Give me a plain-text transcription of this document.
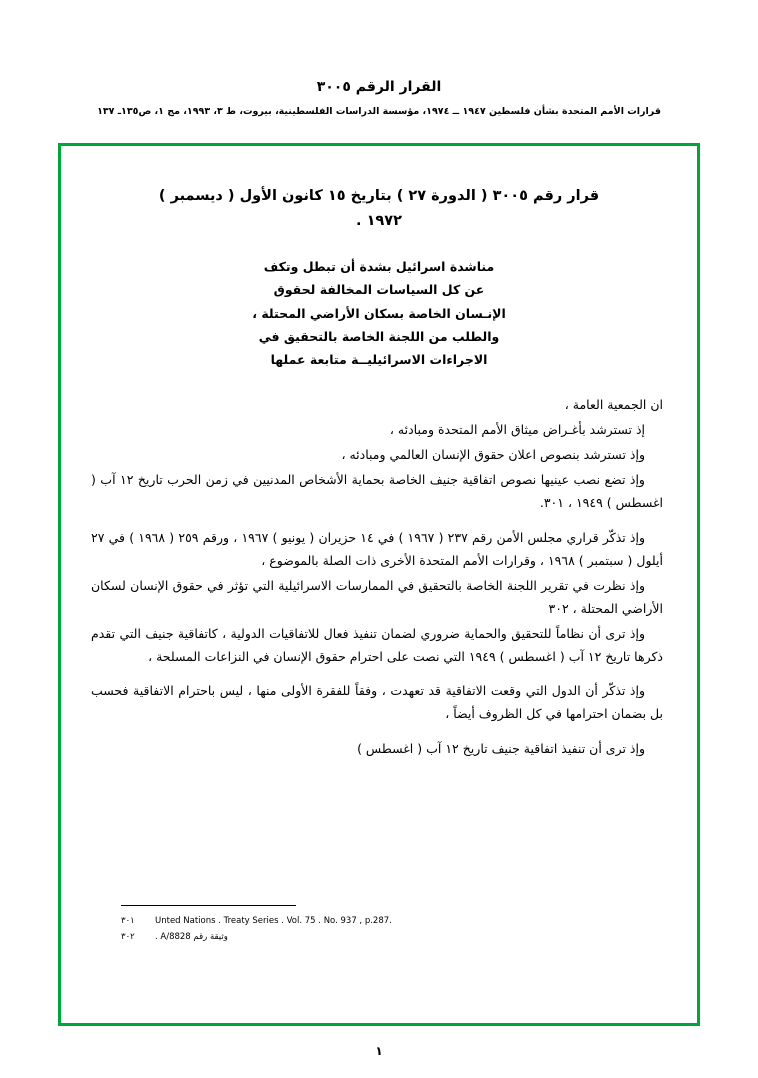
القرار الرقم ٣٠٠٥
قرارات الأمم المتحدة بشأن فلسطين ١٩٤٧ ــ ١٩٧٤، مؤسسة الدراسات الفلسطينية، بيروت، ط ٣، ١٩٩٣، مج ١، ص١٣٥ـ ١٣٧
قرار رقم ٣٠٠٥ ( الدورة ٢٧ ) بتاريخ ١٥ كانون الأول ( ديسمبر )
١٩٧٢ .
مناشدة اسرائيل بشدة أن تبطل وتكف
عن كل السياسات المخالفة لحقوق
الإنـسان الخاصة بسكان الأراضي المحتلة ،
والطلب من اللجنة الخاصة بالتحقيق في
الاجراءات الاسرائيليــة متابعة عملها

ان الجمعية العامة ،

إذ تسترشد بأغـراض ميثاق الأمم المتحدة ومبادئه ،

وإذ تسترشد بنصوص اعلان حقوق الإنسان العالمي ومبادئه ،

وإذ تضع نصب عينيها نصوص اتفاقية جنيف الخاصة بحماية الأشخاص المدنيين في زمن الحرب تاريخ ١٢ آب ( اغسطس ) ١٩٤٩ ، ٣٠١.

وإذ تذكّر قراري مجلس الأمن رقم ٢٣٧ ( ١٩٦٧ ) في ١٤ حزيران ( يونيو ) ١٩٦٧ ، ورقم ٢٥٩ ( ١٩٦٨ ) في ٢٧ أيلول ( سبتمبر ) ١٩٦٨ ، وقرارات الأمم المتحدة الأخرى ذات الصلة بالموضوع ،

وإذ نظرت في تقرير اللجنة الخاصة بالتحقيق في الممارسات الاسرائيلية التي تؤثر في حقوق الإنسان لسكان الأراضي المحتلة ، ٣٠٢

وإذ ترى أن نظاماً للتحقيق والحماية ضروري لضمان تنفيذ فعال للاتفاقيات الدولية ، كاتفاقية جنيف التي تقدم ذكرها تاريخ ١٢ آب ( اغسطس ) ١٩٤٩ التي نصت على احترام حقوق الإنسان في النزاعات المسلحة ،

وإذ تذكّر أن الدول التي وقعت الاتفاقية قد تعهدت ، وفقاً للفقرة الأولى منها ، ليس باحترام الاتفاقية فحسب بل بضمان احترامها في كل الظروف أيضاً ،

وإذ ترى أن تنفيذ اتفاقية جنيف تاريخ ١٢ آب ( اغسطس )

٣٠١	Unted Nations . Treaty Series . Vol. 75 . No. 937 , p.287.
٣٠٢	وثيقة رقم A/8828 .
١
